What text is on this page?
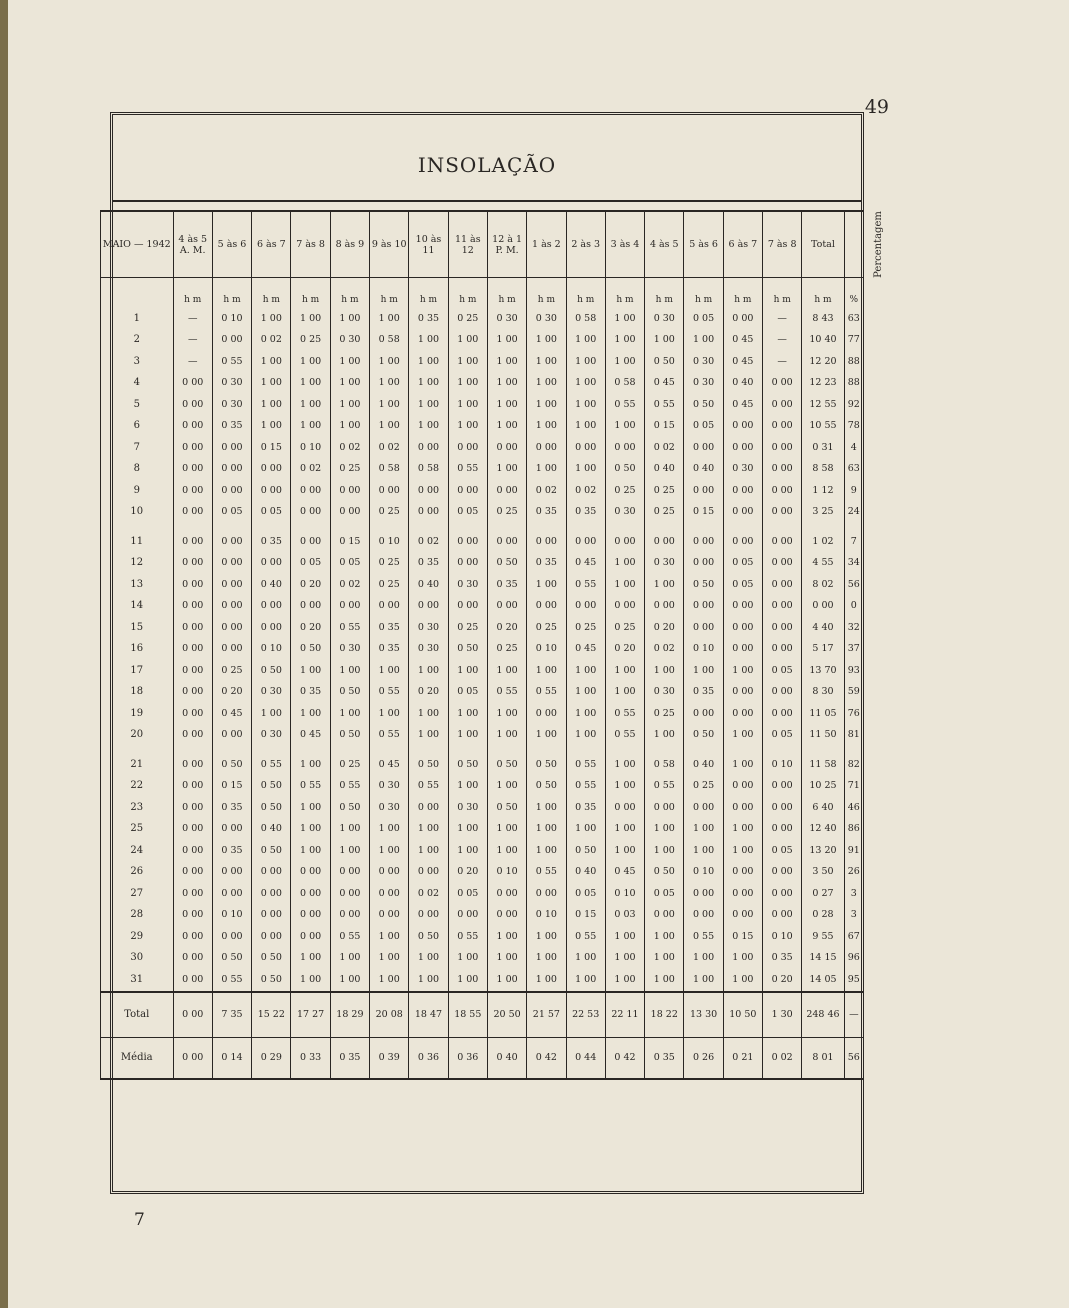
49
7
INSOLAÇÃO
MAIO — 1942	4 às 5 A. M.	5 às 6	6 às 7	7 às 8	8 às 9	9 às 10	10 às 11	11 às 12	12 à 1 P. M.	1 às 2	2 às 3	3 às 4	4 às 5	5 às 6	6 às 7	7 às 8	Total	Percentagem
	h m	h m	h m	h m	h m	h m	h m	h m	h m	h m	h m	h m	h m	h m	h m	h m	h m	%
1	—	0 10	1 00	1 00	1 00	1 00	0 35	0 25	0 30	0 30	0 58	1 00	0 30	0 05	0 00	—	8 43	63
2	—	0 00	0 02	0 25	0 30	0 58	1 00	1 00	1 00	1 00	1 00	1 00	1 00	1 00	0 45	—	10 40	77
3	—	0 55	1 00	1 00	1 00	1 00	1 00	1 00	1 00	1 00	1 00	1 00	0 50	0 30	0 45	—	12 20	88
4	0 00	0 30	1 00	1 00	1 00	1 00	1 00	1 00	1 00	1 00	1 00	0 58	0 45	0 30	0 40	0 00	12 23	88
5	0 00	0 30	1 00	1 00	1 00	1 00	1 00	1 00	1 00	1 00	1 00	0 55	0 55	0 50	0 45	0 00	12 55	92
6	0 00	0 35	1 00	1 00	1 00	1 00	1 00	1 00	1 00	1 00	1 00	1 00	0 15	0 05	0 00	0 00	10 55	78
7	0 00	0 00	0 15	0 10	0 02	0 02	0 00	0 00	0 00	0 00	0 00	0 00	0 02	0 00	0 00	0 00	0 31	4
8	0 00	0 00	0 00	0 02	0 25	0 58	0 58	0 55	1 00	1 00	1 00	0 50	0 40	0 40	0 30	0 00	8 58	63
9	0 00	0 00	0 00	0 00	0 00	0 00	0 00	0 00	0 00	0 02	0 02	0 25	0 25	0 00	0 00	0 00	1 12	9
10	0 00	0 05	0 05	0 00	0 00	0 25	0 00	0 05	0 25	0 35	0 35	0 30	0 25	0 15	0 00	0 00	3 25	24

11	0 00	0 00	0 35	0 00	0 15	0 10	0 02	0 00	0 00	0 00	0 00	0 00	0 00	0 00	0 00	0 00	1 02	7
12	0 00	0 00	0 00	0 05	0 05	0 25	0 35	0 00	0 50	0 35	0 45	1 00	0 30	0 00	0 05	0 00	4 55	34
13	0 00	0 00	0 40	0 20	0 02	0 25	0 40	0 30	0 35	1 00	0 55	1 00	1 00	0 50	0 05	0 00	8 02	56
14	0 00	0 00	0 00	0 00	0 00	0 00	0 00	0 00	0 00	0 00	0 00	0 00	0 00	0 00	0 00	0 00	0 00	0
15	0 00	0 00	0 00	0 20	0 55	0 35	0 30	0 25	0 20	0 25	0 25	0 25	0 20	0 00	0 00	0 00	4 40	32
16	0 00	0 00	0 10	0 50	0 30	0 35	0 30	0 50	0 25	0 10	0 45	0 20	0 02	0 10	0 00	0 00	5 17	37
17	0 00	0 25	0 50	1 00	1 00	1 00	1 00	1 00	1 00	1 00	1 00	1 00	1 00	1 00	1 00	0 05	13 70	93
18	0 00	0 20	0 30	0 35	0 50	0 55	0 20	0 05	0 55	0 55	1 00	1 00	0 30	0 35	0 00	0 00	8 30	59
19	0 00	0 45	1 00	1 00	1 00	1 00	1 00	1 00	1 00	0 00	1 00	0 55	0 25	0 00	0 00	0 00	11 05	76
20	0 00	0 00	0 30	0 45	0 50	0 55	1 00	1 00	1 00	1 00	1 00	0 55	1 00	0 50	1 00	0 05	11 50	81

21	0 00	0 50	0 55	1 00	0 25	0 45	0 50	0 50	0 50	0 50	0 55	1 00	0 58	0 40	1 00	0 10	11 58	82
22	0 00	0 15	0 50	0 55	0 55	0 30	0 55	1 00	1 00	0 50	0 55	1 00	0 55	0 25	0 00	0 00	10 25	71
23	0 00	0 35	0 50	1 00	0 50	0 30	0 00	0 30	0 50	1 00	0 35	0 00	0 00	0 00	0 00	0 00	6 40	46
25	0 00	0 00	0 40	1 00	1 00	1 00	1 00	1 00	1 00	1 00	1 00	1 00	1 00	1 00	1 00	0 00	12 40	86
24	0 00	0 35	0 50	1 00	1 00	1 00	1 00	1 00	1 00	1 00	0 50	1 00	1 00	1 00	1 00	0 05	13 20	91
26	0 00	0 00	0 00	0 00	0 00	0 00	0 00	0 20	0 10	0 55	0 40	0 45	0 50	0 10	0 00	0 00	3 50	26
27	0 00	0 00	0 00	0 00	0 00	0 00	0 02	0 05	0 00	0 00	0 05	0 10	0 05	0 00	0 00	0 00	0 27	3
28	0 00	0 10	0 00	0 00	0 00	0 00	0 00	0 00	0 00	0 10	0 15	0 03	0 00	0 00	0 00	0 00	0 28	3
29	0 00	0 00	0 00	0 00	0 55	1 00	0 50	0 55	1 00	1 00	0 55	1 00	1 00	0 55	0 15	0 10	9 55	67
30	0 00	0 50	0 50	1 00	1 00	1 00	1 00	1 00	1 00	1 00	1 00	1 00	1 00	1 00	1 00	0 35	14 15	96
31	0 00	0 55	0 50	1 00	1 00	1 00	1 00	1 00	1 00	1 00	1 00	1 00	1 00	1 00	1 00	0 20	14 05	95
Total	0 00	7 35	15 22	17 27	18 29	20 08	18 47	18 55	20 50	21 57	22 53	22 11	18 22	13 30	10 50	1 30	248 46	—
Média	0 00	0 14	0 29	0 33	0 35	0 39	0 36	0 36	0 40	0 42	0 44	0 42	0 35	0 26	0 21	0 02	8 01	56
